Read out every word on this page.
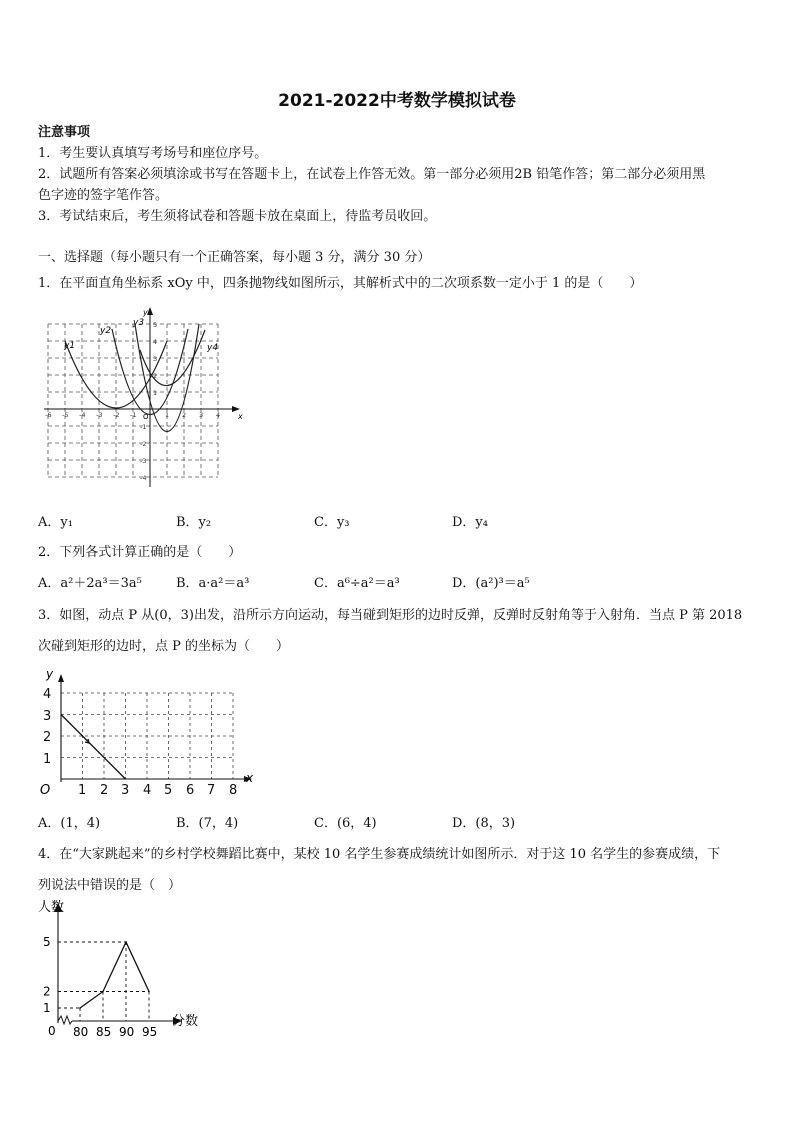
2021-2022中考数学模拟试卷
注意事项
1．考生要认真填写考场号和座位序号。
2．试题所有答案必须填涂或书写在答题卡上，在试卷上作答无效。第一部分必须用2B 铅笔作答；第二部分必须用黑
色字迹的签字笔作答。
3．考试结束后，考生须将试卷和答题卡放在桌面上，待监考员收回。
一、选择题（每小题只有一个正确答案，每小题 3 分，满分 30 分）
1．在平面直角坐标系 xOy 中，四条抛物线如图所示，其解析式中的二次项系数一定小于 1 的是（　　）
y1
y2
y3
y4
x
y
O
-6 -5 -4 -3 -2 -1	1 2 3 4
5
4
3
2
1
-1
-2
-3
-4
A．y₁	B．y₂	C．y₃	D．y₄
2．下列各式计算正确的是（　　）
A．a²＋2a³＝3a⁵	B．a·a²＝a³	C．a⁶÷a²＝a³	D．(a²)³＝a⁵
3．如图，动点 P 从(0，3)出发，沿所示方向运动，每当碰到矩形的边时反弹，反弹时反射角等于入射角．当点 P 第 2018
次碰到矩形的边时，点 P 的坐标为（　　）
y
x
O
1
2
3
4
1 2 3 4 5 6 7 8
A．(1，4)	B．(7，4)	C．(6，4)	D．(8，3)
4．在“大家跳起来”的乡村学校舞蹈比赛中，某校 10 名学生参赛成绩统计如图所示．对于这 10 名学生的参赛成绩，下
列说法中错误的是（　）
80 85 90 95
1
2
5
人数
分数
0
